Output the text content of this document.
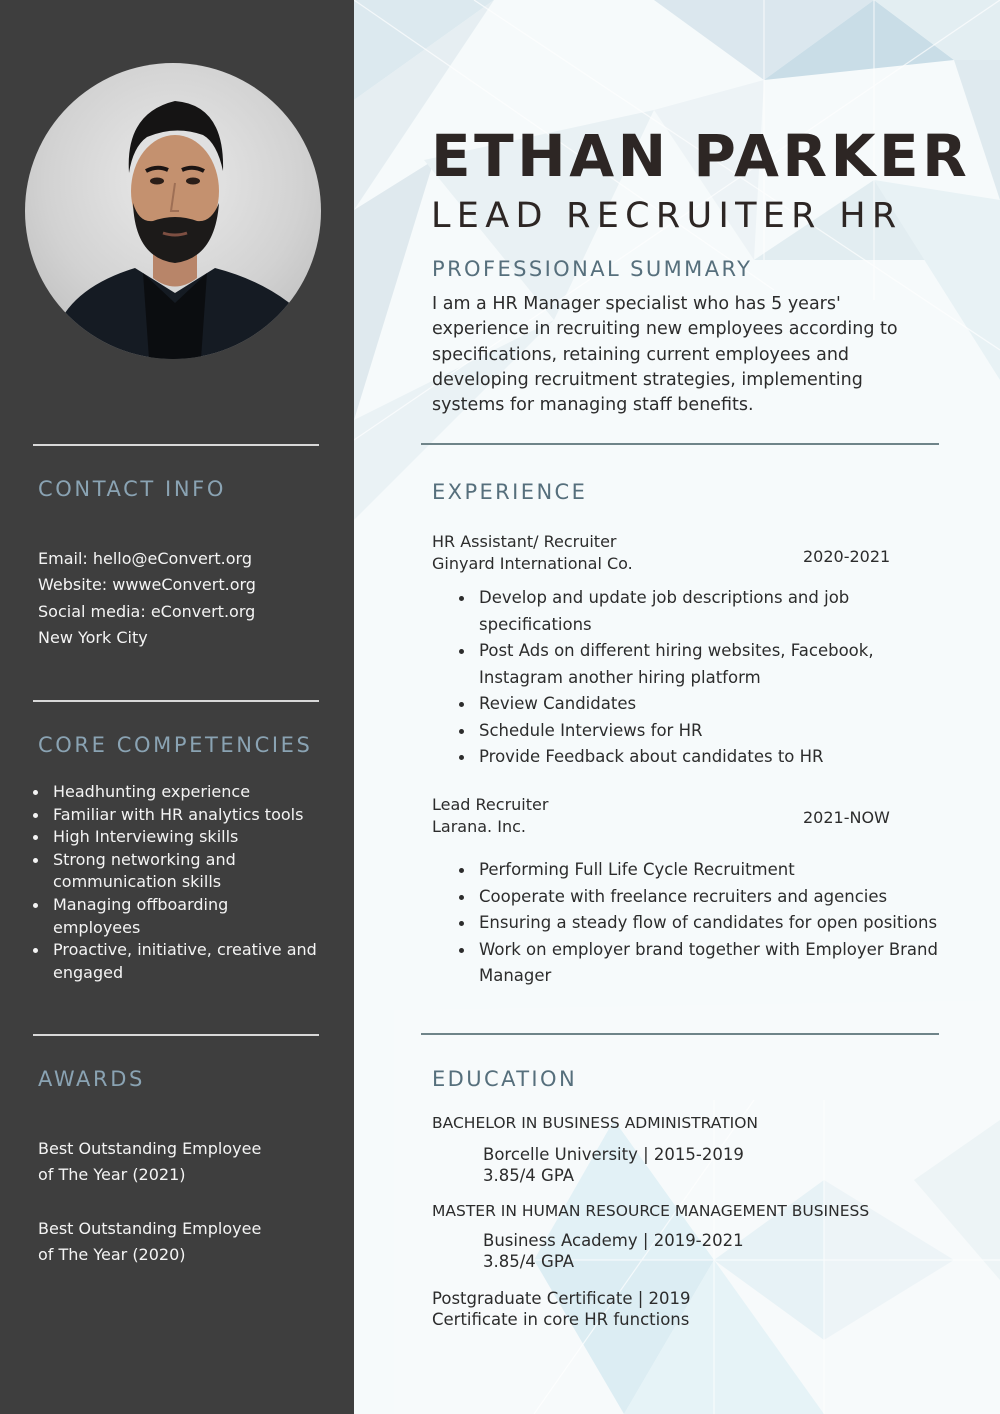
CONTACT INFO
Email: hello@eConvert.org
Website: wwweConvert.org
Social media: eConvert.org
New York City
CORE COMPETENCIES
Headhunting experience
Familiar with HR analytics tools
High Interviewing skills
Strong networking and communication skills
Managing offboarding employees
Proactive, initiative, creative and engaged
AWARDS
Best Outstanding Employee
of The Year (2021)
Best Outstanding Employee
of The Year (2020)
ETHAN PARKER
LEAD RECRUITER HR
PROFESSIONAL SUMMARY
I am a HR Manager specialist who has 5 years'
experience in recruiting new employees according to
specifications, retaining current employees and
developing recruitment strategies, implementing
systems for managing staff benefits.
EXPERIENCE
HR Assistant/ Recruiter
Ginyard International Co.	2020-2021
Develop and update job descriptions and job specifications
Post Ads on different hiring websites, Facebook, Instagram another hiring platform
Review Candidates
Schedule Interviews for HR
Provide Feedback about candidates to HR
Lead Recruiter
Larana. Inc.	2021-NOW
Performing Full Life Cycle Recruitment
Cooperate with freelance recruiters and agencies
Ensuring a steady flow of candidates for open positions
Work on employer brand together with Employer Brand Manager
EDUCATION
BACHELOR IN BUSINESS ADMINISTRATION
Borcelle University | 2015-2019
3.85/4 GPA
MASTER IN HUMAN RESOURCE MANAGEMENT BUSINESS
Business Academy | 2019-2021
3.85/4 GPA
Postgraduate Certificate | 2019
Certificate in core HR functions
